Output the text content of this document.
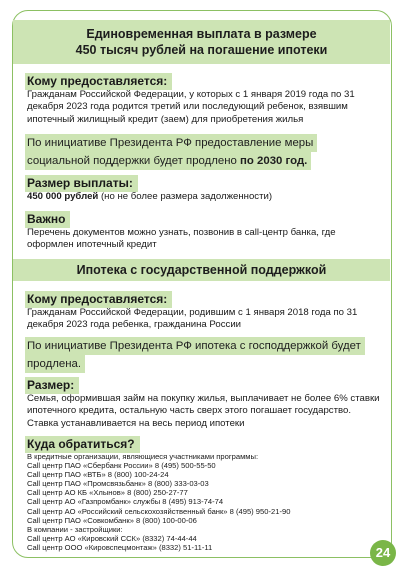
Единовременная выплата в размере
450 тысяч рублей на погашение ипотеки
Кому предоставляется:
Гражданам Российской Федерации, у которых с 1 января 2019 года по 31 декабря 2023 года родится третий или последующий ребенок, взявшим ипотечный жилищный кредит (заем) для приобретения жилья
По инициативе Президента РФ предоставление меры
социальной поддержки будет продлено по 2030 год.
Размер выплаты:
450 000 рублей (но не более размера задолженности)
Важно
Перечень документов можно узнать, позвонив в call-центр банка, где оформлен ипотечный кредит
Ипотека с государственной поддержкой
Кому предоставляется:
Гражданам Российской Федерации, родившим с 1 января 2018 года по 31 декабря 2023 года ребенка, гражданина России
По инициативе Президента РФ ипотека с господдержкой будет
продлена.
Размер:
Семья, оформившая займ на покупку жилья, выплачивает не более 6% ставки ипотечного кредита, остальную часть сверх этого погашает государство. Ставка устанавливается на весь период ипотеки
Куда обратиться?
В кредитные организации, являющиеся участниками программы:
Call центр ПАО «Сбербанк России» 8 (495) 500-55-50
Call центр ПАО «ВТБ» 8 (800) 100-24-24
Call центр ПАО «Промсвязьбанк» 8 (800) 333-03-03
Call центр АО КБ «Хлынов» 8 (800) 250-27-77
Call центр АО «Газпромбанк» службы 8 (495) 913-74-74
Call центр АО «Российский сельскохозяйственный банк» 8 (495) 950-21-90
Call центр ПАО «Совкомбанк» 8 (800) 100-00-06
В компании - застройщики:
Call центр АО «Кировский ССК» (8332) 74-44-44
Call центр ООО «Кировспецмонтаж» (8332) 51-11-11	24
